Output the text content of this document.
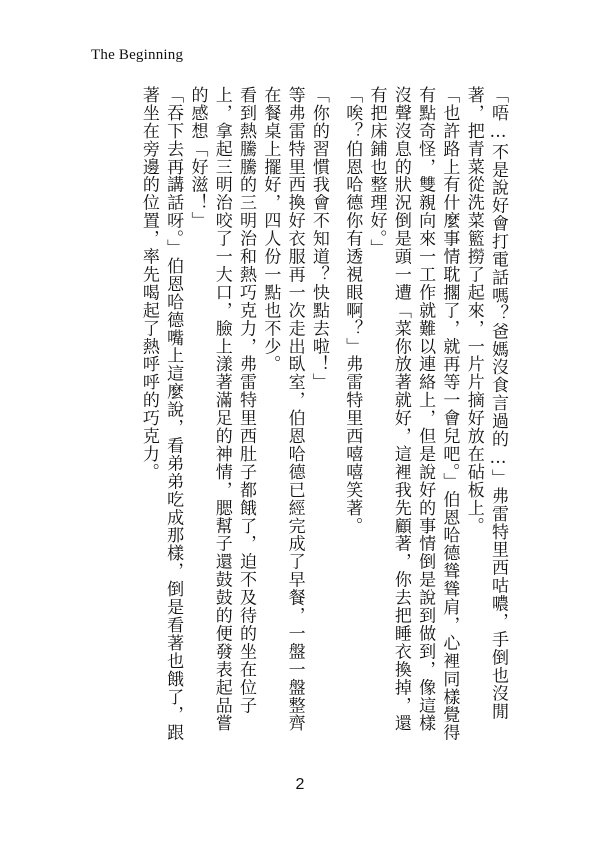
The Beginning

「唔…不是說好會打電話嗎？爸媽沒食言過的…」弗雷特里西咕噥，手倒也沒閒著，把青菜從洗菜籃撈了起來，一片片摘好放在砧板上。

「也許路上有什麼事情耽擱了，就再等一會兒吧。」伯恩哈德聳聳肩，心裡同樣覺得有點奇怪，雙親向來一工作就難以連絡上，但是說好的事情倒是說到做到，像這樣沒聲沒息的狀況倒是頭一遭「菜你放著就好，這裡我先顧著，你去把睡衣換掉，還有把床鋪也整理好。」

「唉？伯恩哈德你有透視眼啊？」弗雷特里西嘻嘻笑著。

「你的習慣我會不知道？快點去啦！」

等弗雷特里西換好衣服再一次走出臥室，伯恩哈德已經完成了早餐，一盤一盤整齊在餐桌上擺好，四人份一點也不少。

看到熱騰騰的三明治和熱巧克力，弗雷特里西肚子都餓了，迫不及待的坐在位子上，拿起三明治咬了一大口，臉上漾著滿足的神情，腮幫子還鼓鼓的便發表起品嘗的感想「好滋！」

「吞下去再講話呀。」伯恩哈德嘴上這麼說，看弟弟吃成那樣，倒是看著也餓了，跟著坐在旁邊的位置，率先喝起了熱呼呼的巧克力。

2
